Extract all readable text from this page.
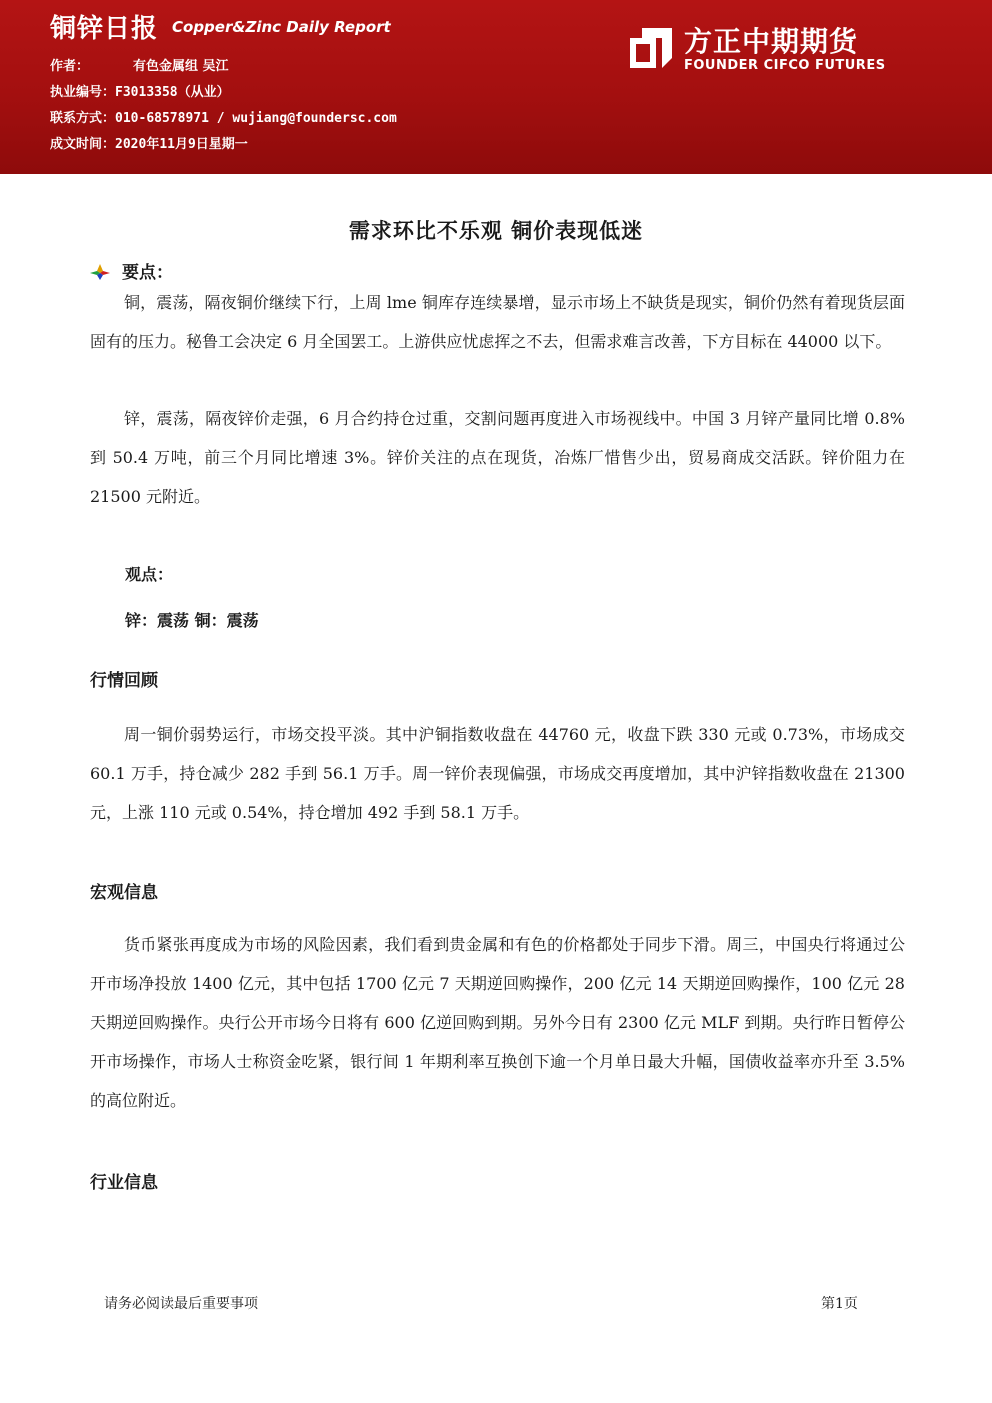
铜锌日报 Copper&Zinc Daily Report
作者：	有色金属组 吴江
执业编号：F3013358（从业）
联系方式：010-68578971 / wujiang@foundersc.com
成文时间：2020年11月9日星期一
方正中期期货
FOUNDER CIFCO FUTURES
需求环比不乐观 铜价表现低迷
要点：

铜，震荡，隔夜铜价继续下行，上周 lme 铜库存连续暴增，显示市场上不缺货是现实，铜价仍然有着现货层面固有的压力。秘鲁工会决定 6 月全国罢工。上游供应忧虑挥之不去，但需求难言改善，下方目标在 44000 以下。

锌，震荡，隔夜锌价走强，6 月合约持仓过重，交割问题再度进入市场视线中。中国 3 月锌产量同比增 0.8%到 50.4 万吨，前三个月同比增速 3%。锌价关注的点在现货，冶炼厂惜售少出，贸易商成交活跃。锌价阻力在 21500 元附近。

观点：
锌：震荡 铜：震荡
行情回顾

周一铜价弱势运行，市场交投平淡。其中沪铜指数收盘在 44760 元，收盘下跌 330 元或 0.73%，市场成交 60.1 万手，持仓减少 282 手到 56.1 万手。周一锌价表现偏强，市场成交再度增加，其中沪锌指数收盘在 21300 元，上涨 110 元或 0.54%，持仓增加 492 手到 58.1 万手。

宏观信息

货币紧张再度成为市场的风险因素，我们看到贵金属和有色的价格都处于同步下滑。周三，中国央行将通过公开市场净投放 1400 亿元，其中包括 1700 亿元 7 天期逆回购操作，200 亿元 14 天期逆回购操作，100 亿元 28 天期逆回购操作。央行公开市场今日将有 600 亿逆回购到期。另外今日有 2300 亿元 MLF 到期。央行昨日暂停公开市场操作，市场人士称资金吃紧，银行间 1 年期利率互换创下逾一个月单日最大升幅，国债收益率亦升至 3.5%的高位附近。

行业信息
请务必阅读最后重要事项	第1页
